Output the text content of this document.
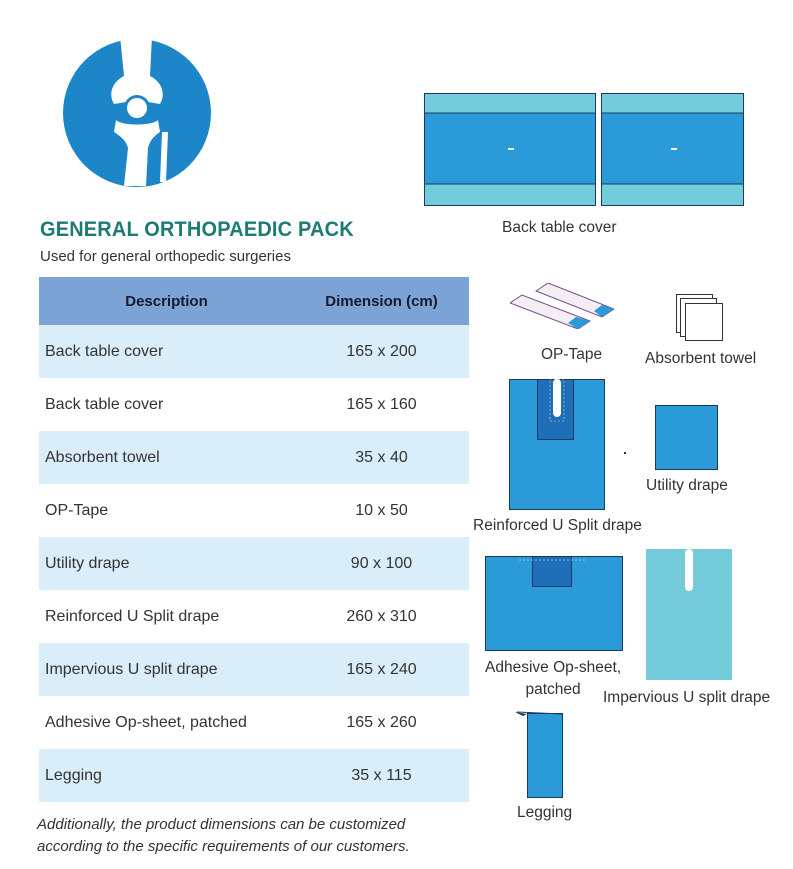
GENERAL ORTHOPAEDIC PACK
Used for general orthopedic surgeries
Description	Dimension (cm)
Back table cover	165 x 200
Back table cover	165 x 160
Absorbent towel	35 x 40
OP-Tape	10 x 50
Utility drape	90 x 100
Reinforced U Split drape	260 x 310
Impervious U split drape	165 x 240
Adhesive Op-sheet, patched	165 x 260
Legging	35 x 115
Additionally, the product dimensions can be customized
according to the specific requirements of our customers.
Back table cover
OP-Tape	Absorbent towel
Reinforced U Split drape
Utility drape
Adhesive Op-sheet,
patched	Impervious U split drape
Legging
